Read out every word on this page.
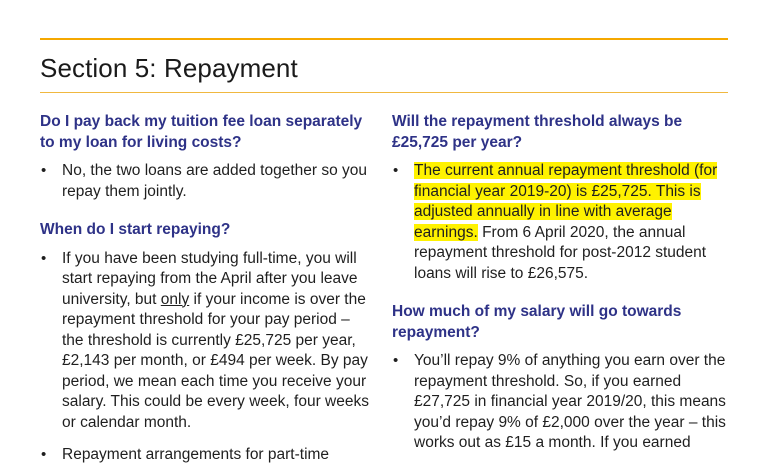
Section 5: Repayment
Do I pay back my tuition fee loan separately to my loan for living costs?
• No, the two loans are added together so you repay them jointly.
When do I start repaying?
• If you have been studying full-time, you will start repaying from the April after you leave university, but only if your income is over the repayment threshold for your pay period – the threshold is currently £25,725 per year, £2,143 per month, or £494 per week. By pay period, we mean each time you receive your salary. This could be every week, four weeks or calendar month.
• Repayment arrangements for part-time
Will the repayment threshold always be £25,725 per year?
• The current annual repayment threshold (for financial year 2019-20) is £25,725. This is adjusted annually in line with average earnings. From 6 April 2020, the annual repayment threshold for post-2012 student loans will rise to £26,575.
How much of my salary will go towards repayment?
• You’ll repay 9% of anything you earn over the repayment threshold. So, if you earned £27,725 in financial year 2019/20, this means you’d repay 9% of £2,000 over the year – this works out as £15 a month. If you earned
